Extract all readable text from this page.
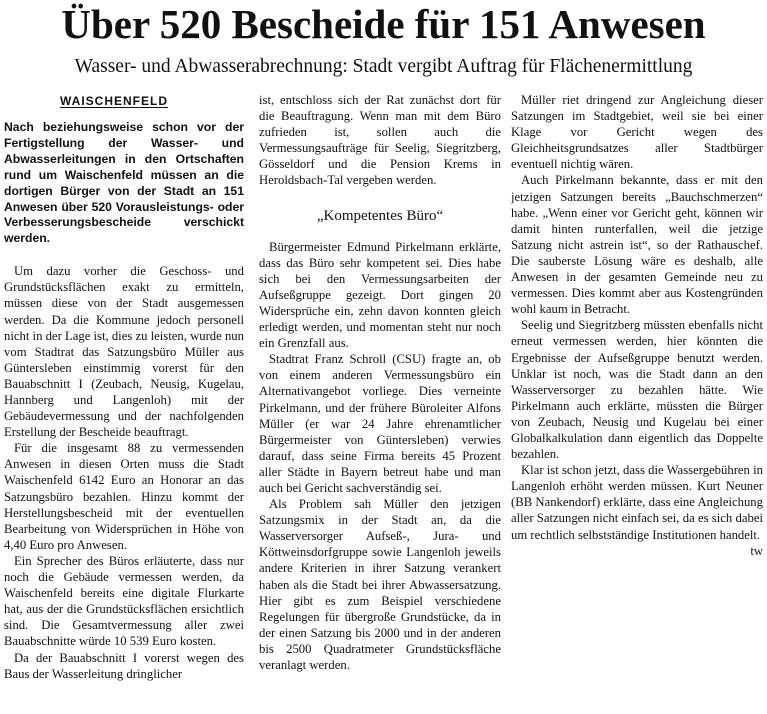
Über 520 Bescheide für 151 Anwesen
Wasser- und Abwasserabrechnung: Stadt vergibt Auftrag für Flächenermittlung
WAISCHENFELD

Nach beziehungsweise schon vor der Fertigstellung der Wasser- und Abwasserleitungen in den Ortschaften rund um Waischenfeld müssen an die dortigen Bürger von der Stadt an 151 Anwesen über 520 Vorausleistungs- oder Verbesserungsbescheide verschickt werden.

Um dazu vorher die Geschoss- und Grundstücksflächen exakt zu ermitteln, müssen diese von der Stadt ausgemessen werden. Da die Kommune jedoch personell nicht in der Lage ist, dies zu leisten, wurde nun vom Stadtrat das Satzungsbüro Müller aus Güntersleben einstimmig vorerst für den Bauabschnitt I (Zeubach, Neusig, Kugelau, Hannberg und Langenloh) mit der Gebäudevermessung und der nachfolgenden Erstellung der Bescheide beauftragt.

Für die insgesamt 88 zu vermessenden Anwesen in diesen Orten muss die Stadt Waischenfeld 6142 Euro an Honorar an das Satzungsbüro bezahlen. Hinzu kommt der Herstellungsbescheid mit der eventuellen Bearbeitung von Widersprüchen in Höhe von 4,40 Euro pro Anwesen.

Ein Sprecher des Büros erläuterte, dass nur noch die Gebäude vermessen werden, da Waischenfeld bereits eine digitale Flurkarte hat, aus der die Grundstücksflächen ersichtlich sind. Die Gesamtvermessung aller zwei Bauabschnitte würde 10 539 Euro kosten.

Da der Bauabschnitt I vorerst wegen des Baus der Wasserleitung dringlicher

ist, entschloss sich der Rat zunächst dort für die Beauftragung. Wenn man mit dem Büro zufrieden ist, sollen auch die Vermessungsaufträge für Seelig, Siegritzberg, Gösseldorf und die Pension Krems in Heroldsbach-Tal vergeben werden.

„Kompetentes Büro“

Bürgermeister Edmund Pirkelmann erklärte, dass das Büro sehr kompetent sei. Dies habe sich bei den Vermessungsarbeiten der Aufseßgruppe gezeigt. Dort gingen 20 Widersprüche ein, zehn davon konnten gleich erledigt werden, und momentan steht nur noch ein Grenzfall aus.

Stadtrat Franz Schroll (CSU) fragte an, ob von einem anderen Vermessungsbüro ein Alternativangebot vorliege. Dies verneinte Pirkelmann, und der frühere Büroleiter Alfons Müller (er war 24 Jahre ehrenamtlicher Bürgermeister von Güntersleben) verwies darauf, dass seine Firma bereits 45 Prozent aller Städte in Bayern betreut habe und man auch bei Gericht sachverständig sei.

Als Problem sah Müller den jetzigen Satzungsmix in der Stadt an, da die Wasserversorger Aufseß-, Jura- und Köttweinsdorfgruppe sowie Langenloh jeweils andere Kriterien in ihrer Satzung verankert haben als die Stadt bei ihrer Abwassersatzung. Hier gibt es zum Beispiel verschiedene Regelungen für übergroße Grundstücke, da in der einen Satzung bis 2000 und in der anderen bis 2500 Quadratmeter Grundstücksfläche veranlagt werden.

Müller riet dringend zur Angleichung dieser Satzungen im Stadtgebiet, weil sie bei einer Klage vor Gericht wegen des Gleichheitsgrundsatzes aller Stadtbürger eventuell nichtig wären.

Auch Pirkelmann bekannte, dass er mit den jetzigen Satzungen bereits „Bauchschmerzen“ habe. „Wenn einer vor Gericht geht, können wir damit hinten runterfallen, weil die jetzige Satzung nicht astrein ist“, so der Rathauschef. Die sauberste Lösung wäre es deshalb, alle Anwesen in der gesamten Gemeinde neu zu vermessen. Dies kommt aber aus Kostengründen wohl kaum in Betracht.

Seelig und Siegritzberg müssten ebenfalls nicht erneut vermessen werden, hier könnten die Ergebnisse der Aufseßgruppe benutzt werden. Unklar ist noch, was die Stadt dann an den Wasserversorger zu bezahlen hätte. Wie Pirkelmann auch erklärte, müssten die Bürger von Zeubach, Neusig und Kugelau bei einer Globalkalkulation dann eigentlich das Doppelte bezahlen.

Klar ist schon jetzt, dass die Wassergebühren in Langenloh erhöht werden müssen. Kurt Neuner (BB Nankendorf) erklärte, dass eine Angleichung aller Satzungen nicht einfach sei, da es sich dabei um rechtlich selbstständige Institutionen handelt.
tw
